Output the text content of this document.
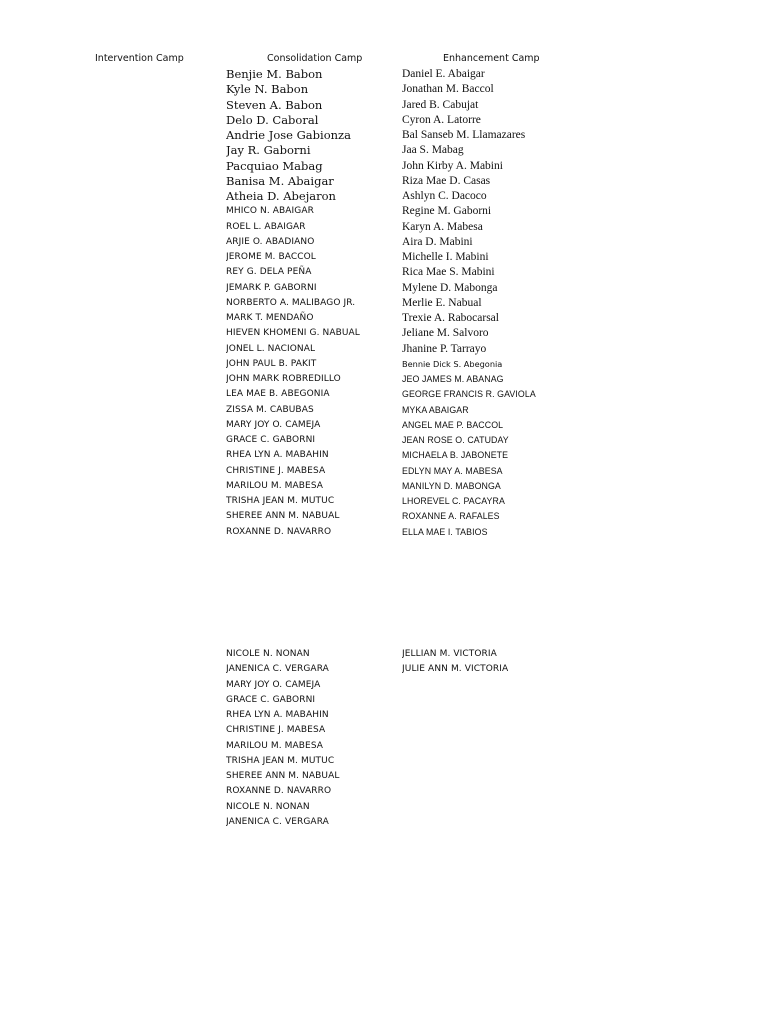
Intervention Camp	Consolidation Camp	Enhancement Camp
Benjie M. Babon
Kyle N. Babon
Steven A. Babon
Delo D. Caboral
Andrie Jose Gabionza
Jay R. Gaborni
Pacquiao Mabag
Banisa M. Abaigar
Atheia D. Abejaron
MHICO N. ABAIGAR
ROEL L. ABAIGAR
ARJIE O. ABADIANO
JEROME M. BACCOL
REY G. DELA PEÑA
JEMARK P. GABORNI
NORBERTO A. MALIBAGO JR.
MARK T. MENDAÑO
HIEVEN KHOMENI G. NABUAL
JONEL L. NACIONAL
JOHN PAUL B. PAKIT
JOHN MARK ROBREDILLO
LEA MAE B. ABEGONIA
ZISSA M. CABUBAS
MARY JOY O. CAMEJA
GRACE C. GABORNI
RHEA LYN A. MABAHIN
CHRISTINE J. MABESA
MARILOU M. MABESA
TRISHA JEAN M. MUTUC
SHEREE ANN M. NABUAL
ROXANNE D. NAVARRO
Daniel E. Abaigar
Jonathan M. Baccol
Jared B. Cabujat
Cyron A. Latorre
Bal Sanseb M. Llamazares
Jaa S. Mabag
John Kirby A. Mabini
Riza Mae D. Casas
Ashlyn C. Dacoco
Regine M. Gaborni
Karyn A. Mabesa
Aira D. Mabini
Michelle I. Mabini
Rica Mae S. Mabini
Mylene D. Mabonga
Merlie E. Nabual
Trexie A. Rabocarsal
Jeliane M. Salvoro
Jhanine P. Tarrayo
Bennie Dick S. Abegonia
JEO JAMES M. ABANAG
GEORGE FRANCIS R. GAVIOLA
MYKA ABAIGAR
ANGEL MAE P. BACCOL
JEAN ROSE O. CATUDAY
MICHAELA B. JABONETE
EDLYN MAY A. MABESA
MANILYN D. MABONGA
LHOREVEL C. PACAYRA
ROXANNE A. RAFALES
ELLA MAE I. TABIOS
NICOLE N. NONAN
JANENICA C. VERGARA
MARY JOY O. CAMEJA
GRACE C. GABORNI
RHEA LYN A. MABAHIN
CHRISTINE J. MABESA
MARILOU M. MABESA
TRISHA JEAN M. MUTUC
SHEREE ANN M. NABUAL
ROXANNE D. NAVARRO
NICOLE N. NONAN
JANENICA C. VERGARA
JELLIAN M. VICTORIA
JULIE ANN M. VICTORIA
